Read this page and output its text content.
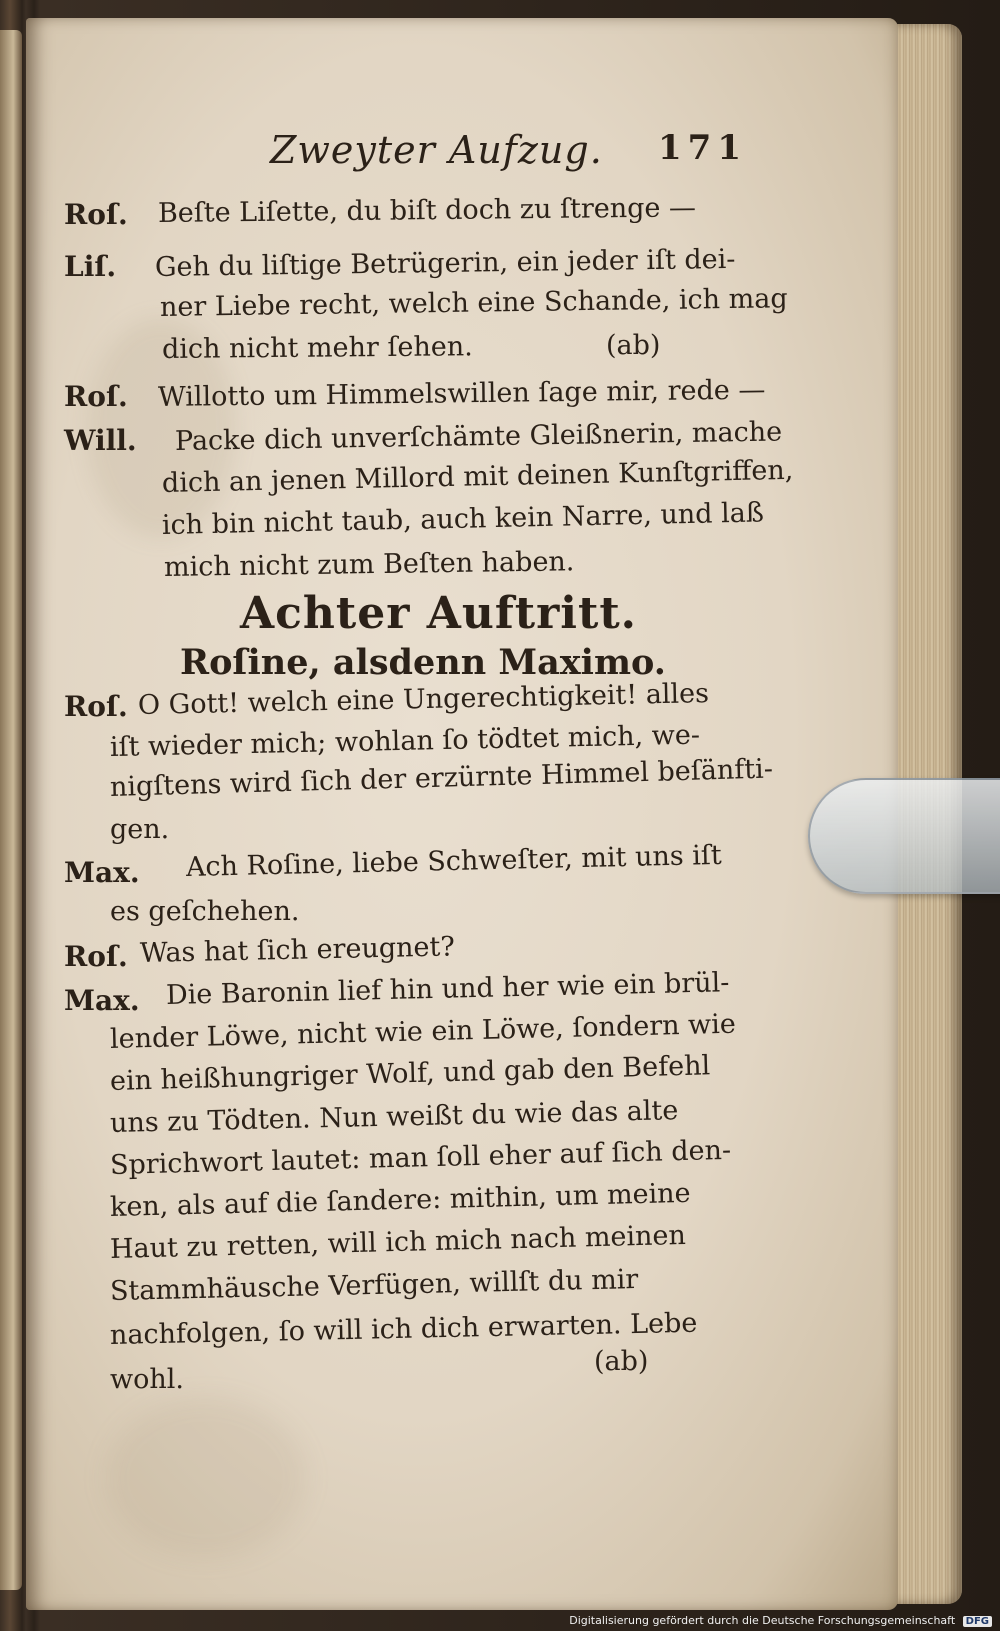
Zweyter Aufzug. 171
Roſ. Beſte Liſette, du biſt doch zu ſtrenge —
Liſ. Geh du liſtige Betrügerin, ein jeder iſt dei-
ner Liebe recht, welch eine Schande, ich mag
dich nicht mehr ſehen.	(ab)
Roſ. Willotto um Himmelswillen ſage mir, rede —
Will. Packe dich unverſchämte Gleißnerin, mache
dich an jenen Millord mit deinen Kunſtgriffen,
ich bin nicht taub, auch kein Narre, und laß
mich nicht zum Beſten haben.
Achter Auftritt.
Roſine, alsdenn Maximo.
Roſ. O Gott! welch eine Ungerechtigkeit! alles
iſt wieder mich; wohlan ſo tödtet mich, we-
nigſtens wird ſich der erzürnte Himmel beſänfti-
gen.
Max. Ach Roſine, liebe Schweſter, mit uns iſt
es geſchehen.
Roſ. Was hat ſich ereugnet?
Max. Die Baronin lief hin und her wie ein brül-
lender Löwe, nicht wie ein Löwe, ſondern wie
ein heißhungriger Wolf, und gab den Befehl
uns zu Tödten. Nun weißt du wie das alte
Sprichwort lautet: man ſoll eher auf ſich den-
ken, als auf die ſandere: mithin, um meine
Haut zu retten, will ich mich nach meinen
Stammhäusche Verfügen, willſt du mir
nachfolgen, ſo will ich dich erwarten. Lebe
wohl.
(ab)
Digitalisierung gefördert durch die Deutsche Forschungsgemeinschaft DFG
